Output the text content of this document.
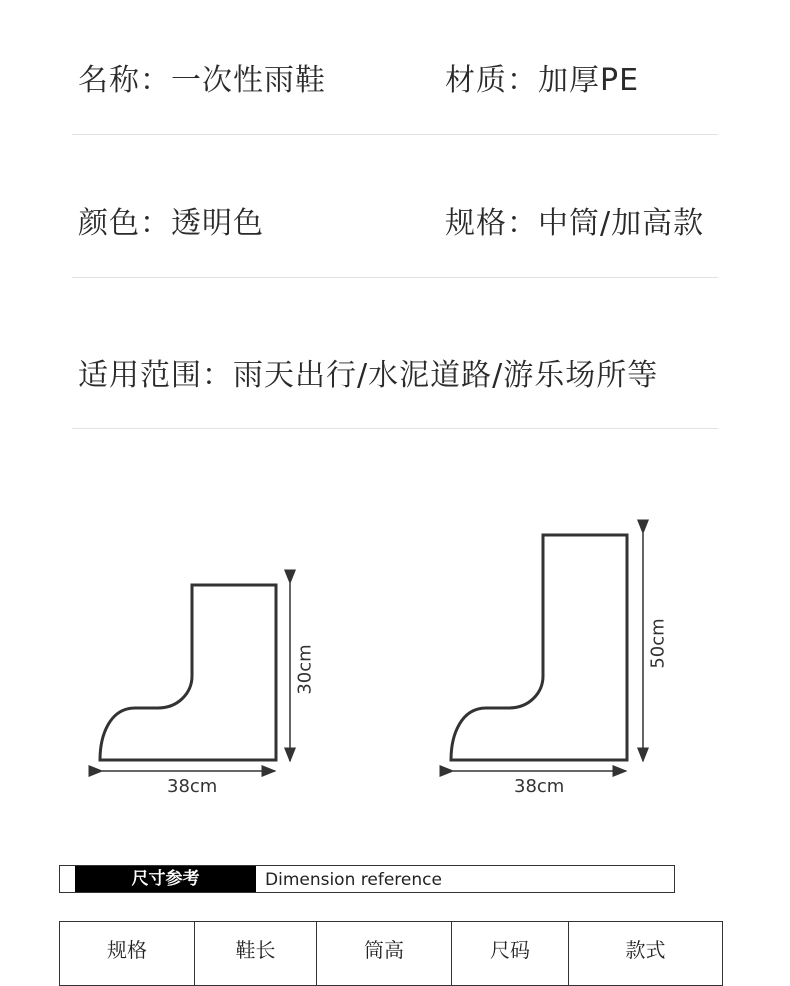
名称：一次性雨鞋	材质：加厚PE
颜色：透明色	规格：中筒/加高款
适用范围：雨天出行/水泥道路/游乐场所等
38cm
30cm
38cm
50cm
尺寸参考	Dimension reference
规格	鞋长	筒高	尺码	款式
